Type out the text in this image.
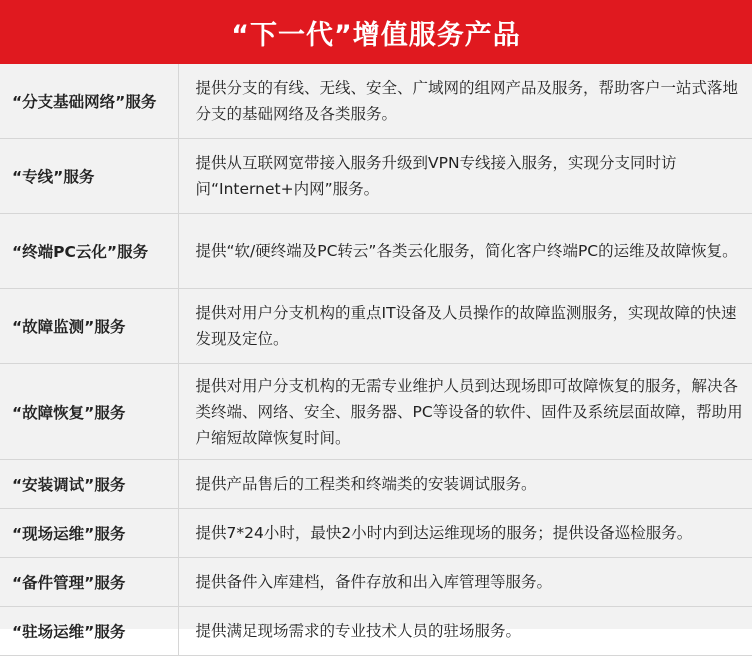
“下一代”增值服务产品
“分支基础网络”服务	提供分支的有线、无线、安全、广域网的组网产品及服务，帮助客户一站式落地分支的基础网络及各类服务。
“专线”服务	提供从互联网宽带接入服务升级到VPN专线接入服务，实现分支同时访问“Internet+内网”服务。
“终端PC云化”服务	提供“软/硬终端及PC转云”各类云化服务，简化客户终端PC的运维及故障恢复。
“故障监测”服务	提供对用户分支机构的重点IT设备及人员操作的故障监测服务，实现故障的快速发现及定位。
“故障恢复”服务	提供对用户分支机构的无需专业维护人员到达现场即可故障恢复的服务，解决各类终端、网络、安全、服务器、PC等设备的软件、固件及系统层面故障，帮助用户缩短故障恢复时间。
“安装调试”服务	提供产品售后的工程类和终端类的安装调试服务。
“现场运维”服务	提供7*24小时，最快2小时内到达运维现场的服务；提供设备巡检服务。
“备件管理”服务	提供备件入库建档，备件存放和出入库管理等服务。
“驻场运维”服务	提供满足现场需求的专业技术人员的驻场服务。
